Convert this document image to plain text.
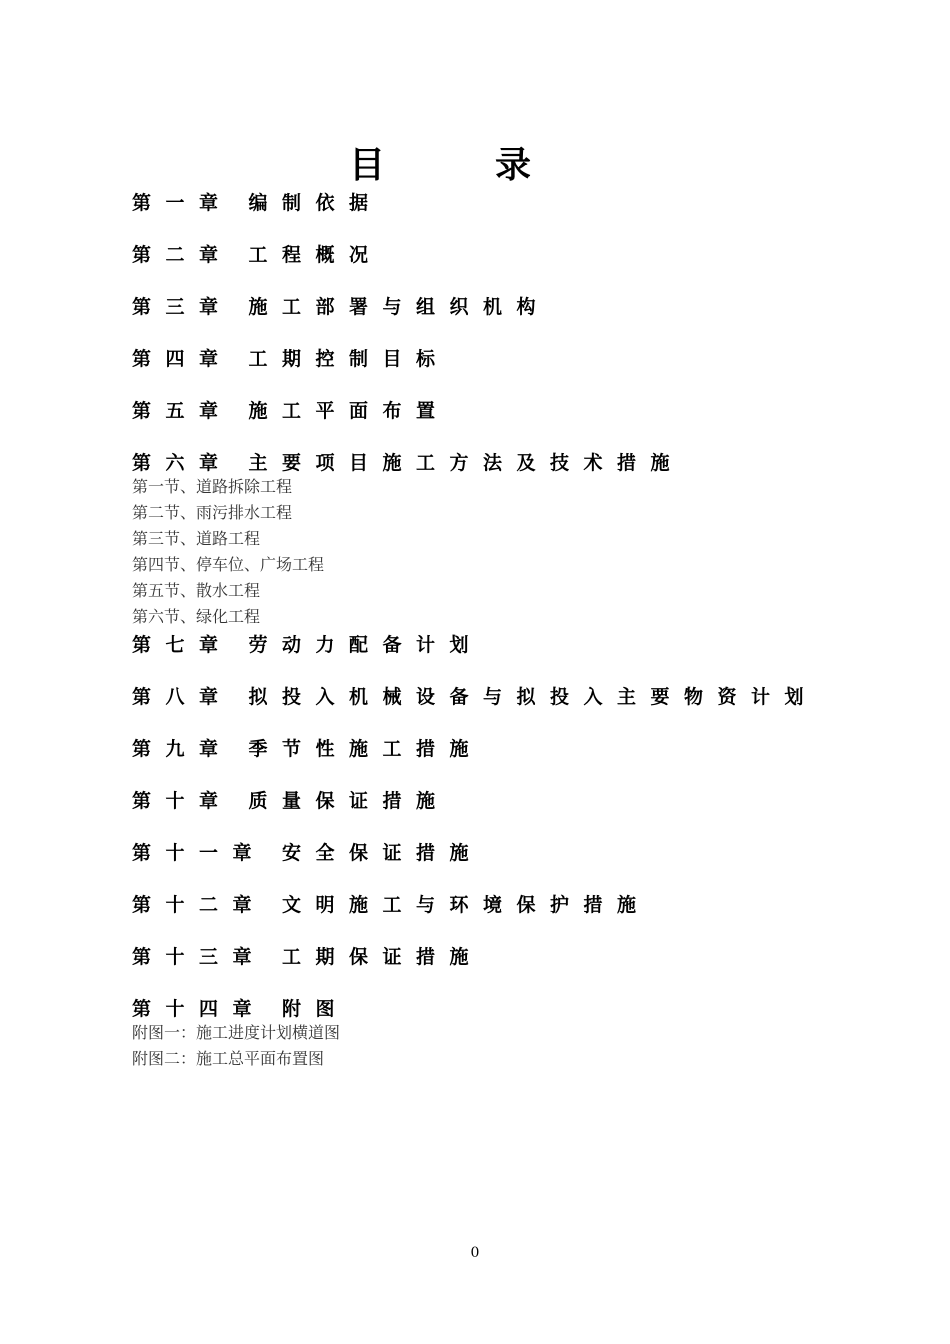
目录
第一章 编制依据
第二章 工程概况
第三章 施工部署与组织机构
第四章 工期控制目标
第五章 施工平面布置
第六章 主要项目施工方法及技术措施
第一节、道路拆除工程
第二节、雨污排水工程
第三节、道路工程
第四节、停车位、广场工程
第五节、散水工程
第六节、绿化工程
第七章 劳动力配备计划
第八章 拟投入机械设备与拟投入主要物资计划
第九章 季节性施工措施
第十章 质量保证措施
第十一章 安全保证措施
第十二章 文明施工与环境保护措施
第十三章 工期保证措施
第十四章 附图
附图一：施工进度计划横道图
附图二：施工总平面布置图
0
